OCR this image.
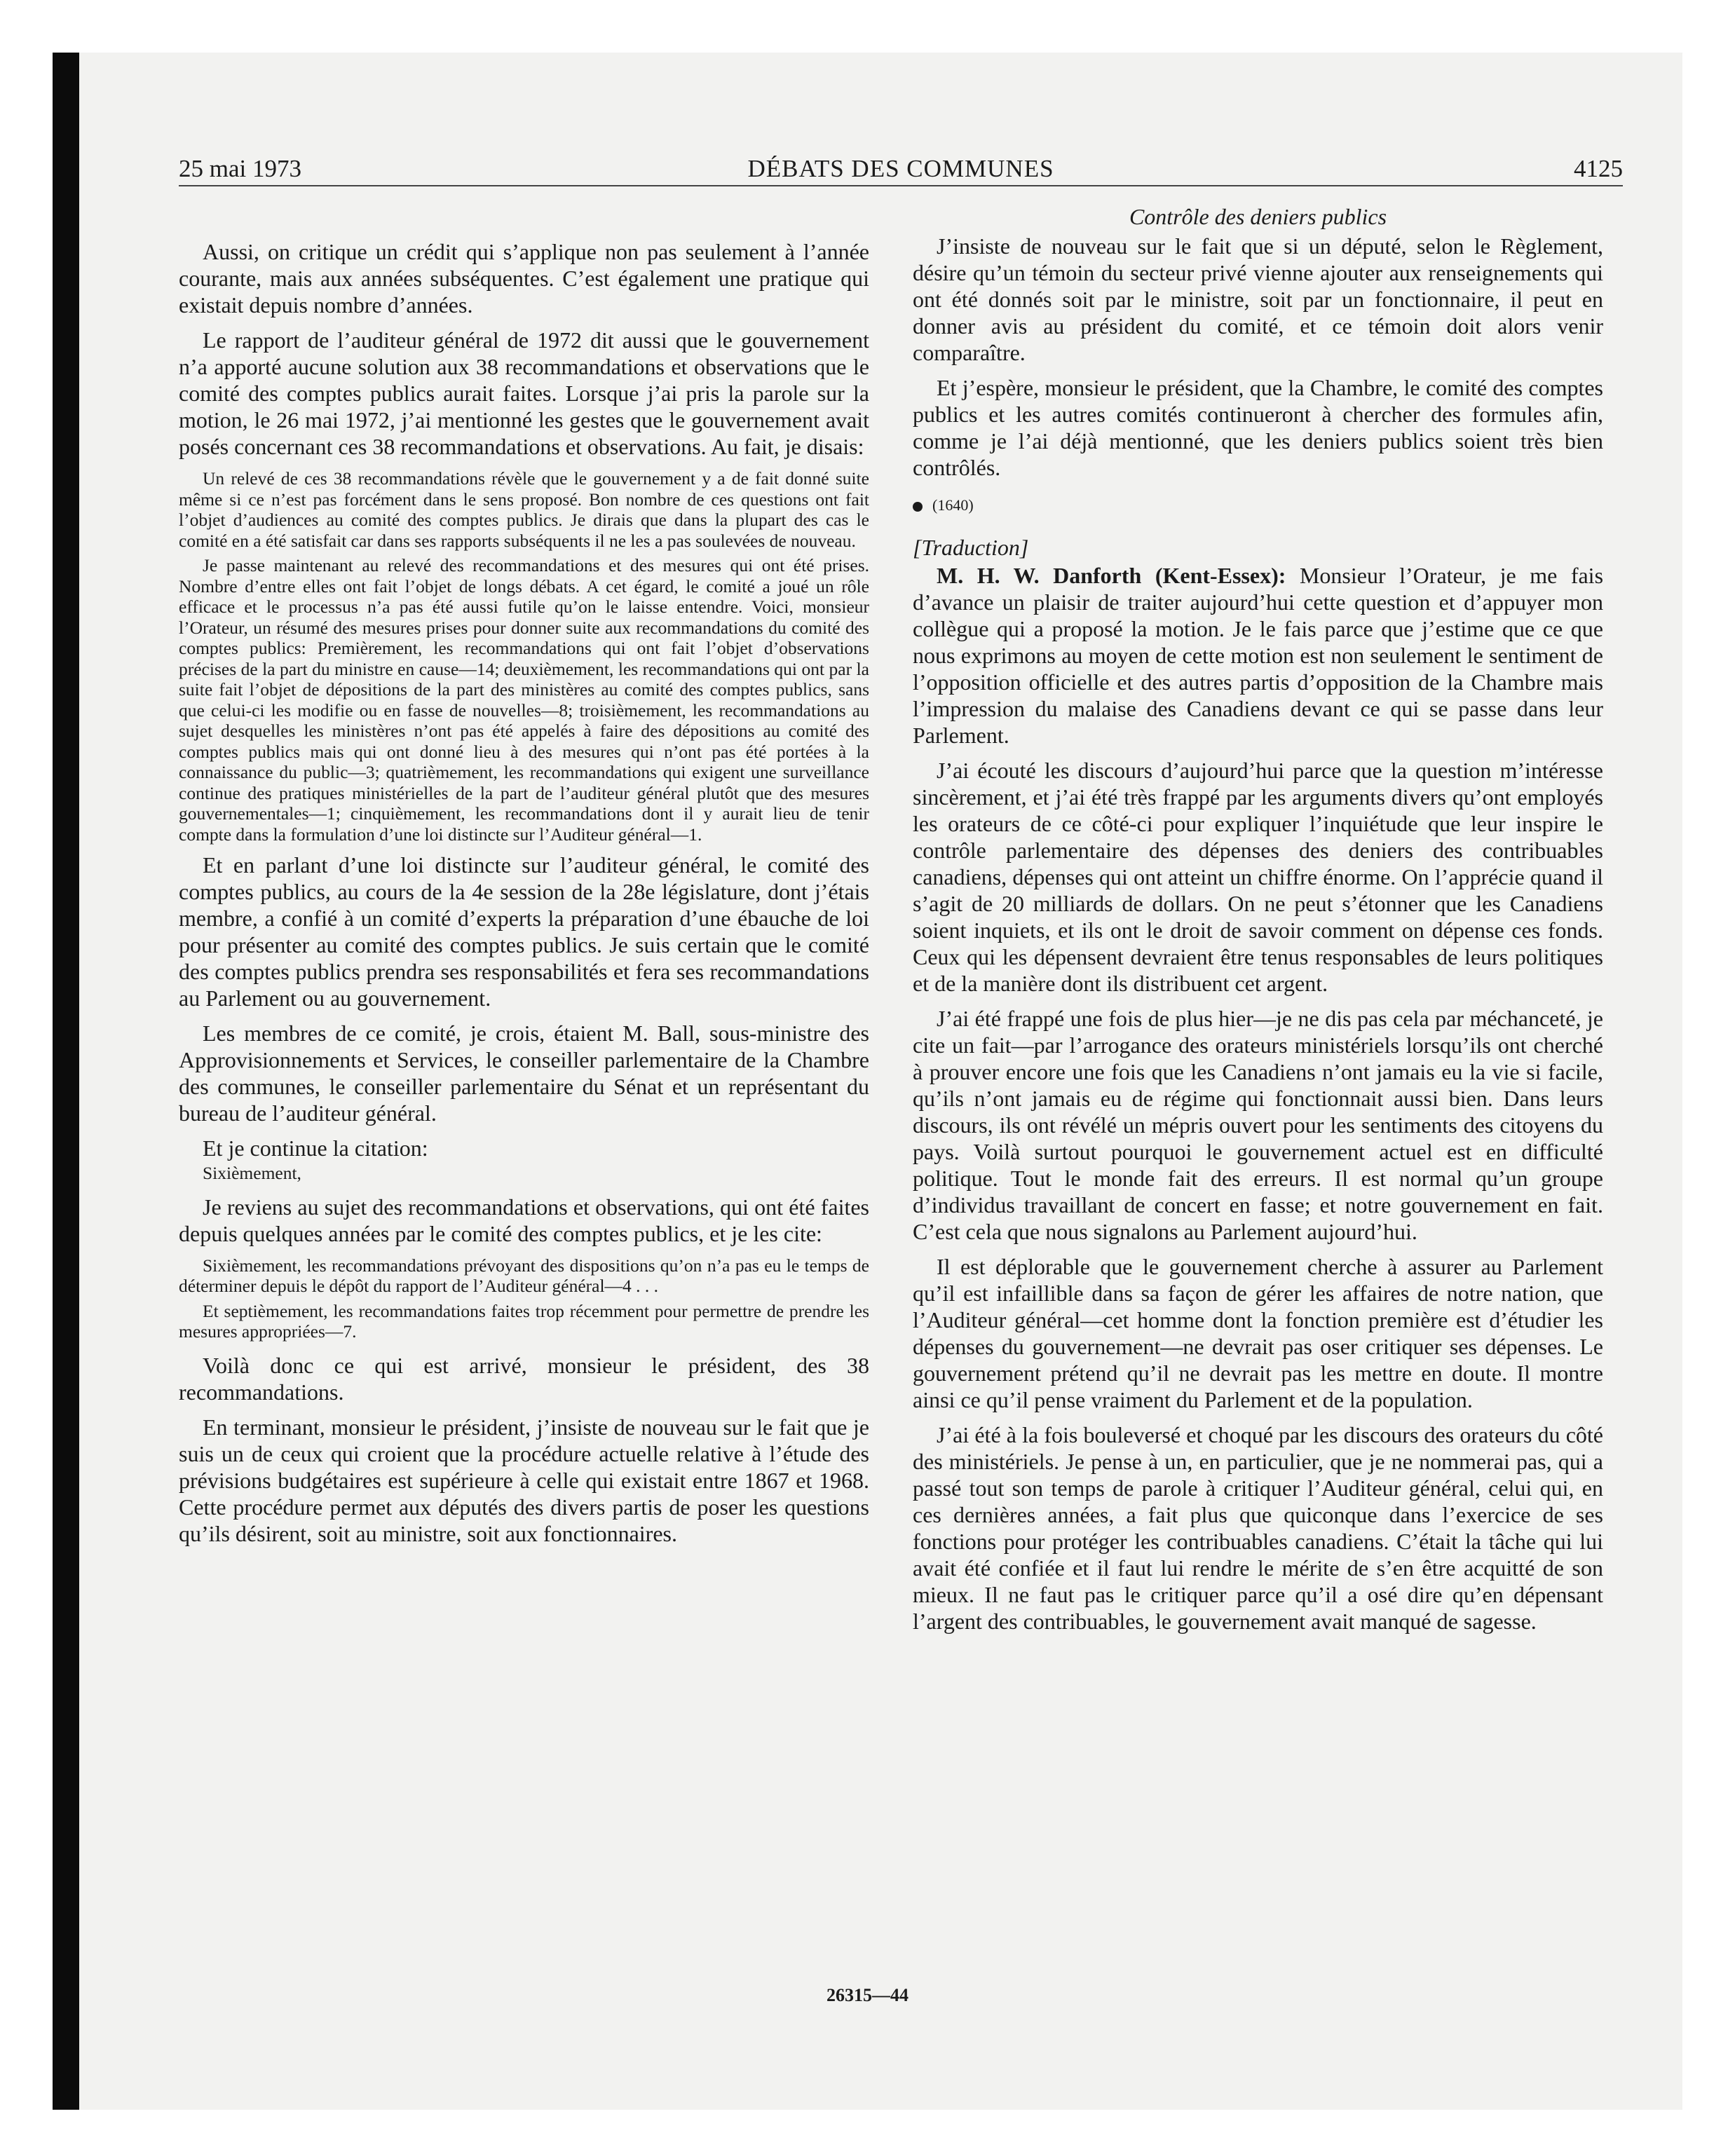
25 mai 1973	DÉBATS DES COMMUNES	4125

Aussi, on critique un crédit qui s’applique non pas seulement à l’année courante, mais aux années subséquentes. C’est également une pratique qui existait depuis nombre d’années.

Le rapport de l’auditeur général de 1972 dit aussi que le gouvernement n’a apporté aucune solution aux 38 recommandations et observations que le comité des comptes publics aurait faites. Lorsque j’ai pris la parole sur la motion, le 26 mai 1972, j’ai mentionné les gestes que le gouvernement avait posés concernant ces 38 recommandations et observations. Au fait, je disais:

Un relevé de ces 38 recommandations révèle que le gouvernement y a de fait donné suite même si ce n’est pas forcément dans le sens proposé. Bon nombre de ces questions ont fait l’objet d’audiences au comité des comptes publics. Je dirais que dans la plupart des cas le comité en a été satisfait car dans ses rapports subséquents il ne les a pas soulevées de nouveau.

Je passe maintenant au relevé des recommandations et des mesures qui ont été prises. Nombre d’entre elles ont fait l’objet de longs débats. A cet égard, le comité a joué un rôle efficace et le processus n’a pas été aussi futile qu’on le laisse entendre. Voici, monsieur l’Orateur, un résumé des mesures prises pour donner suite aux recommandations du comité des comptes publics: Premièrement, les recommandations qui ont fait l’objet d’observations précises de la part du ministre en cause—14; deuxièmement, les recommandations qui ont par la suite fait l’objet de dépositions de la part des ministères au comité des comptes publics, sans que celui-ci les modifie ou en fasse de nouvelles—8; troisièmement, les recommandations au sujet desquelles les ministères n’ont pas été appelés à faire des dépositions au comité des comptes publics mais qui ont donné lieu à des mesures qui n’ont pas été portées à la connaissance du public—3; quatrièmement, les recommandations qui exigent une surveillance continue des pratiques ministérielles de la part de l’auditeur général plutôt que des mesures gouvernementales—1; cinquièmement, les recommandations dont il y aurait lieu de tenir compte dans la formulation d’une loi distincte sur l’Auditeur général—1.

Et en parlant d’une loi distincte sur l’auditeur général, le comité des comptes publics, au cours de la 4e session de la 28e législature, dont j’étais membre, a confié à un comité d’experts la préparation d’une ébauche de loi pour présenter au comité des comptes publics. Je suis certain que le comité des comptes publics prendra ses responsabilités et fera ses recommandations au Parlement ou au gouvernement.

Les membres de ce comité, je crois, étaient M. Ball, sous-ministre des Approvisionnements et Services, le conseiller parlementaire de la Chambre des communes, le conseiller parlementaire du Sénat et un représentant du bureau de l’auditeur général.

Et je continue la citation:

Sixièmement,

Je reviens au sujet des recommandations et observations, qui ont été faites depuis quelques années par le comité des comptes publics, et je les cite:

Sixièmement, les recommandations prévoyant des dispositions qu’on n’a pas eu le temps de déterminer depuis le dépôt du rapport de l’Auditeur général—4 . . .

Et septièmement, les recommandations faites trop récemment pour permettre de prendre les mesures appropriées—7.

Voilà donc ce qui est arrivé, monsieur le président, des 38 recommandations.

En terminant, monsieur le président, j’insiste de nouveau sur le fait que je suis un de ceux qui croient que la procédure actuelle relative à l’étude des prévisions budgétaires est supérieure à celle qui existait entre 1867 et 1968. Cette procédure permet aux députés des divers partis de poser les questions qu’ils désirent, soit au ministre, soit aux fonctionnaires.

Contrôle des deniers publics

J’insiste de nouveau sur le fait que si un député, selon le Règlement, désire qu’un témoin du secteur privé vienne ajouter aux renseignements qui ont été donnés soit par le ministre, soit par un fonctionnaire, il peut en donner avis au président du comité, et ce témoin doit alors venir comparaître.

Et j’espère, monsieur le président, que la Chambre, le comité des comptes publics et les autres comités continueront à chercher des formules afin, comme je l’ai déjà mentionné, que les deniers publics soient très bien contrôlés.

(1640)

[Traduction]

M. H. W. Danforth (Kent-Essex): Monsieur l’Orateur, je me fais d’avance un plaisir de traiter aujourd’hui cette question et d’appuyer mon collègue qui a proposé la motion. Je le fais parce que j’estime que ce que nous exprimons au moyen de cette motion est non seulement le sentiment de l’opposition officielle et des autres partis d’opposition de la Chambre mais l’impression du malaise des Canadiens devant ce qui se passe dans leur Parlement.

J’ai écouté les discours d’aujourd’hui parce que la question m’intéresse sincèrement, et j’ai été très frappé par les arguments divers qu’ont employés les orateurs de ce côté-ci pour expliquer l’inquiétude que leur inspire le contrôle parlementaire des dépenses des deniers des contribuables canadiens, dépenses qui ont atteint un chiffre énorme. On l’apprécie quand il s’agit de 20 milliards de dollars. On ne peut s’étonner que les Canadiens soient inquiets, et ils ont le droit de savoir comment on dépense ces fonds. Ceux qui les dépensent devraient être tenus responsables de leurs politiques et de la manière dont ils distribuent cet argent.

J’ai été frappé une fois de plus hier—je ne dis pas cela par méchanceté, je cite un fait—par l’arrogance des orateurs ministériels lorsqu’ils ont cherché à prouver encore une fois que les Canadiens n’ont jamais eu la vie si facile, qu’ils n’ont jamais eu de régime qui fonctionnait aussi bien. Dans leurs discours, ils ont révélé un mépris ouvert pour les sentiments des citoyens du pays. Voilà surtout pourquoi le gouvernement actuel est en difficulté politique. Tout le monde fait des erreurs. Il est normal qu’un groupe d’individus travaillant de concert en fasse; et notre gouvernement en fait. C’est cela que nous signalons au Parlement aujourd’hui.

Il est déplorable que le gouvernement cherche à assurer au Parlement qu’il est infaillible dans sa façon de gérer les affaires de notre nation, que l’Auditeur général—cet homme dont la fonction première est d’étudier les dépenses du gouvernement—ne devrait pas oser critiquer ses dépenses. Le gouvernement prétend qu’il ne devrait pas les mettre en doute. Il montre ainsi ce qu’il pense vraiment du Parlement et de la population.

J’ai été à la fois bouleversé et choqué par les discours des orateurs du côté des ministériels. Je pense à un, en particulier, que je ne nommerai pas, qui a passé tout son temps de parole à critiquer l’Auditeur général, celui qui, en ces dernières années, a fait plus que quiconque dans l’exercice de ses fonctions pour protéger les contribuables canadiens. C’était la tâche qui lui avait été confiée et il faut lui rendre le mérite de s’en être acquitté de son mieux. Il ne faut pas le critiquer parce qu’il a osé dire qu’en dépensant l’argent des contribuables, le gouvernement avait manqué de sagesse.

26315—44
